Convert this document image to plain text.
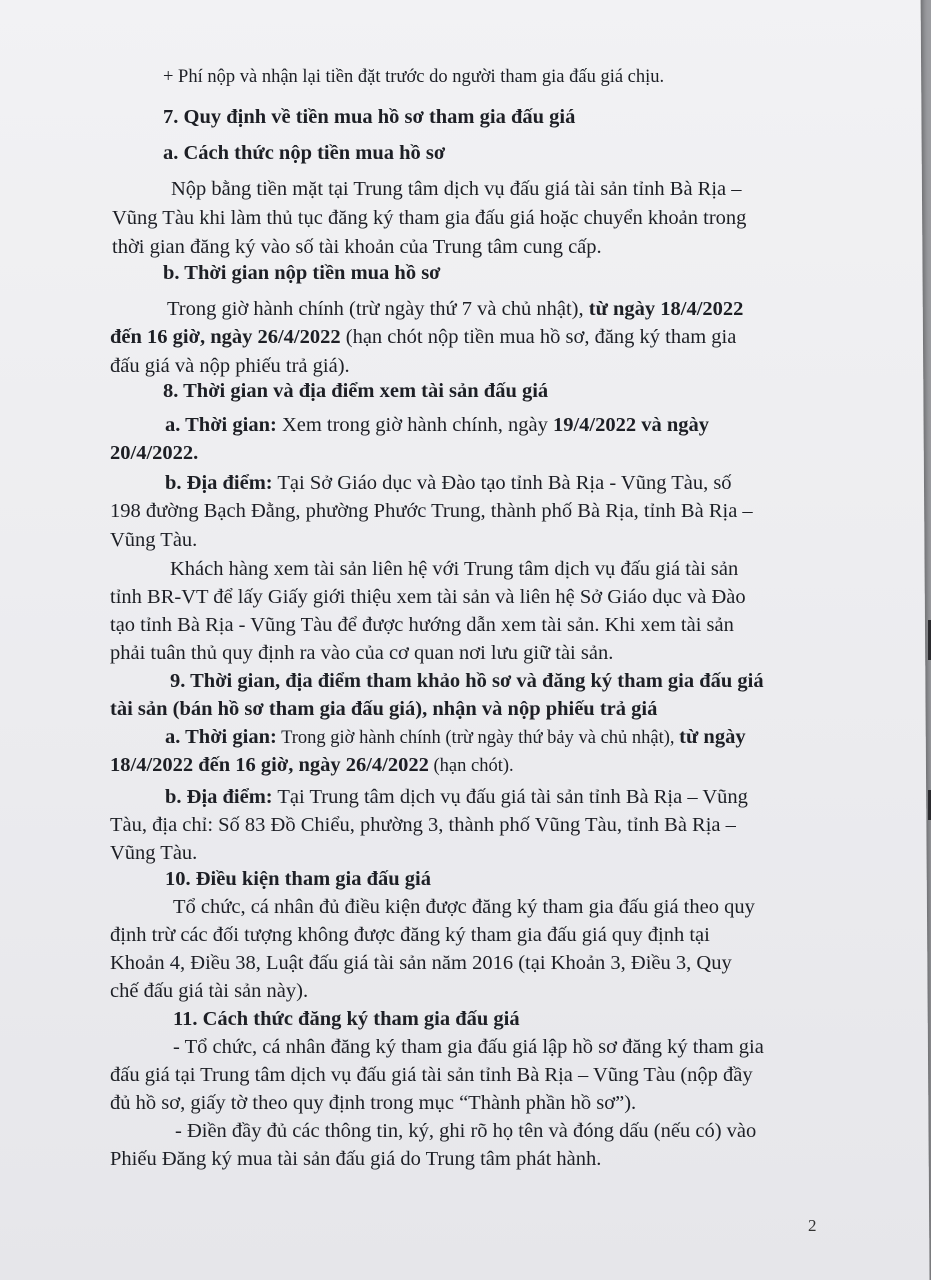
+ Phí nộp và nhận lại tiền đặt trước do người tham gia đấu giá chịu.
7. Quy định về tiền mua hồ sơ tham gia đấu giá
a. Cách thức nộp tiền mua hồ sơ
Nộp bằng tiền mặt tại Trung tâm dịch vụ đấu giá tài sản tỉnh Bà Rịa –
Vũng Tàu khi làm thủ tục đăng ký tham gia đấu giá hoặc chuyển khoản trong
thời gian đăng ký vào số tài khoản của Trung tâm cung cấp.
b. Thời gian nộp tiền mua hồ sơ
Trong giờ hành chính (trừ ngày thứ 7 và chủ nhật), từ ngày 18/4/2022
đến 16 giờ, ngày 26/4/2022 (hạn chót nộp tiền mua hồ sơ, đăng ký tham gia
đấu giá và nộp phiếu trả giá).
8. Thời gian và địa điểm xem tài sản đấu giá
a. Thời gian: Xem trong giờ hành chính, ngày 19/4/2022 và ngày
20/4/2022.
b. Địa điểm: Tại Sở Giáo dục và Đào tạo tỉnh Bà Rịa - Vũng Tàu, số
198 đường Bạch Đằng, phường Phước Trung, thành phố Bà Rịa, tỉnh Bà Rịa –
Vũng Tàu.
Khách hàng xem tài sản liên hệ với Trung tâm dịch vụ đấu giá tài sản
tỉnh BR-VT để lấy Giấy giới thiệu xem tài sản và liên hệ Sở Giáo dục và Đào
tạo tỉnh Bà Rịa - Vũng Tàu để được hướng dẫn xem tài sản. Khi xem tài sản
phải tuân thủ quy định ra vào của cơ quan nơi lưu giữ tài sản.
9. Thời gian, địa điểm tham khảo hồ sơ và đăng ký tham gia đấu giá
tài sản (bán hồ sơ tham gia đấu giá), nhận và nộp phiếu trả giá
a. Thời gian: Trong giờ hành chính (trừ ngày thứ bảy và chủ nhật), từ ngày
18/4/2022 đến 16 giờ, ngày 26/4/2022 (hạn chót).
b. Địa điểm: Tại Trung tâm dịch vụ đấu giá tài sản tỉnh Bà Rịa – Vũng
Tàu, địa chỉ: Số 83 Đồ Chiểu, phường 3, thành phố Vũng Tàu, tỉnh Bà Rịa –
Vũng Tàu.
10. Điều kiện tham gia đấu giá
Tổ chức, cá nhân đủ điều kiện được đăng ký tham gia đấu giá theo quy
định trừ các đối tượng không được đăng ký tham gia đấu giá quy định tại
Khoản 4, Điều 38, Luật đấu giá tài sản năm 2016 (tại Khoản 3, Điều 3, Quy
chế đấu giá tài sản này).
11. Cách thức đăng ký tham gia đấu giá
- Tổ chức, cá nhân đăng ký tham gia đấu giá lập hồ sơ đăng ký tham gia
đấu giá tại Trung tâm dịch vụ đấu giá tài sản tỉnh Bà Rịa – Vũng Tàu (nộp đầy
đủ hồ sơ, giấy tờ theo quy định trong mục “Thành phần hồ sơ”).
- Điền đầy đủ các thông tin, ký, ghi rõ họ tên và đóng dấu (nếu có) vào
Phiếu Đăng ký mua tài sản đấu giá do Trung tâm phát hành.
2
